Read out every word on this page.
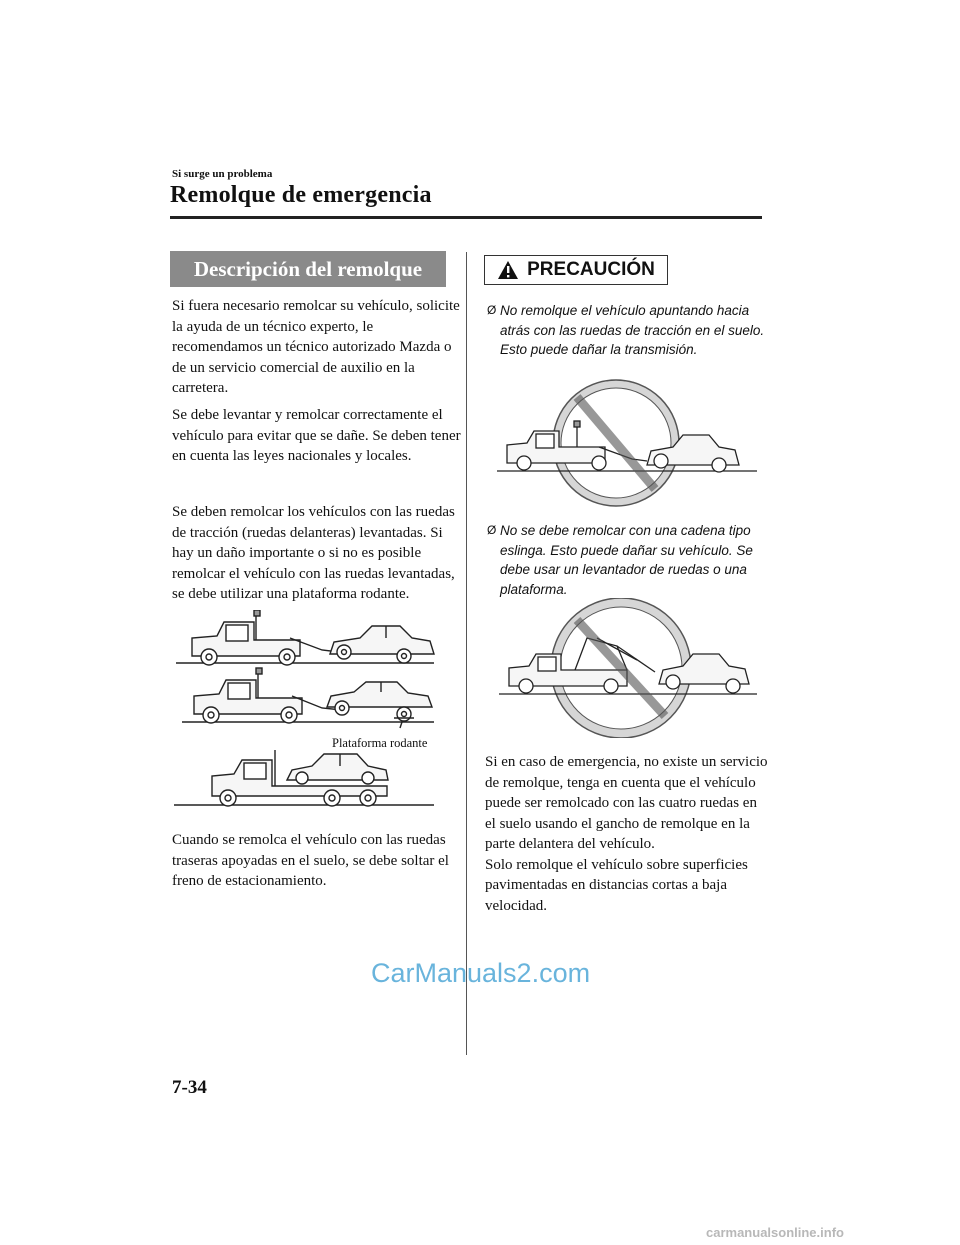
Si surge un problema
Remolque de emergencia
Descripción del remolque
Si fuera necesario remolcar su vehículo, solicite la ayuda de un técnico experto, le recomendamos un técnico autorizado Mazda o de un servicio comercial de auxilio en la carretera.
Se debe levantar y remolcar correctamente el vehículo para evitar que se dañe. Se deben tener en cuenta las leyes nacionales y locales.
Se deben remolcar los vehículos con las ruedas de tracción (ruedas delanteras) levantadas. Si hay un daño importante o si no es posible remolcar el vehículo con las ruedas levantadas, se debe utilizar una plataforma rodante.
Plataforma rodante
Cuando se remolca el vehículo con las ruedas traseras apoyadas en el suelo, se debe soltar el freno de estacionamiento.
PRECAUCIÓN
Ø No remolque el vehículo apuntando hacia atrás con las ruedas de tracción en el suelo. Esto puede dañar la transmisión.
Ø No se debe remolcar con una cadena tipo eslinga. Esto puede dañar su vehículo. Se debe usar un levantador de ruedas o una plataforma.
Si en caso de emergencia, no existe un servicio de remolque, tenga en cuenta que el vehículo puede ser remolcado con las cuatro ruedas en el suelo usando el gancho de remolque en la parte delantera del vehículo.
Solo remolque el vehículo sobre superficies pavimentadas en distancias cortas a baja velocidad.
7-34
CarManuals2.com
carmanualsonline.info
